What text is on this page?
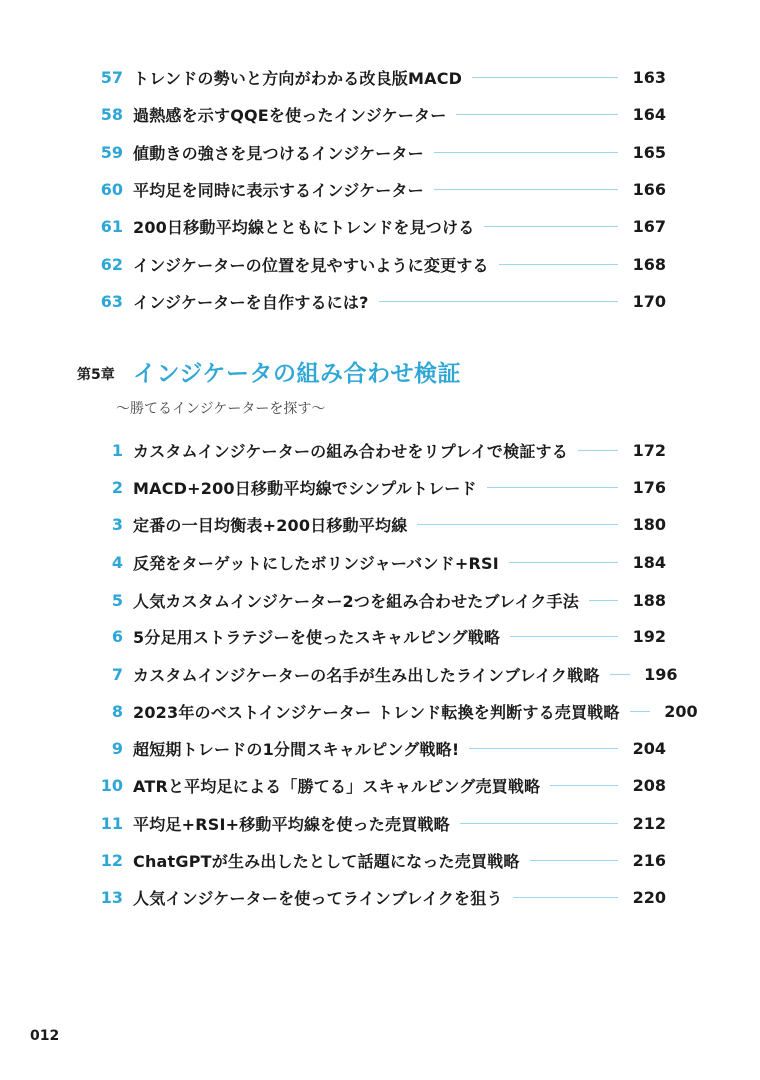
57 トレンドの勢いと方向がわかる改良版MACD	163
58 過熱感を示すQQEを使ったインジケーター	164
59 値動きの強さを見つけるインジケーター	165
60 平均足を同時に表示するインジケーター	166
61 200日移動平均線とともにトレンドを見つける	167
62 インジケーターの位置を見やすいように変更する	168
63 インジケーターを自作するには?	170
第5章 インジケータの組み合わせ検証
～勝てるインジケーターを探す～
1 カスタムインジケーターの組み合わせをリプレイで検証する	172
2 MACD+200日移動平均線でシンプルトレード	176
3 定番の一目均衡表+200日移動平均線	180
4 反発をターゲットにしたボリンジャーバンド+RSI	184
5 人気カスタムインジケーター2つを組み合わせたブレイク手法	188
6 5分足用ストラテジーを使ったスキャルピング戦略	192
7 カスタムインジケーターの名手が生み出したラインブレイク戦略	196
8 2023年のベストインジケーター トレンド転換を判断する売買戦略	200
9 超短期トレードの1分間スキャルピング戦略!	204
10 ATRと平均足による「勝てる」スキャルピング売買戦略	208
11 平均足+RSI+移動平均線を使った売買戦略	212
12 ChatGPTが生み出したとして話題になった売買戦略	216
13 人気インジケーターを使ってラインブレイクを狙う	220
012
